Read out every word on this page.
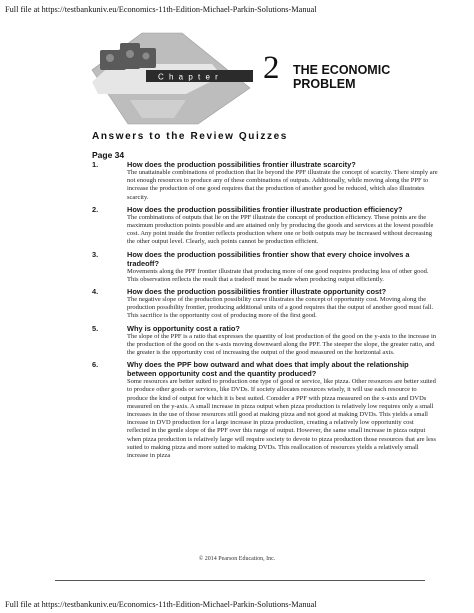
Full file at https://testbankuniv.eu/Economics-11th-Edition-Michael-Parkin-Solutions-Manual
C h a p t e r 2 THE ECONOMIC
PROBLEM
Answers to the Review Quizzes
Page 34
1.	How does the production possibilities frontier illustrate scarcity?
The unattainable combinations of production that lie beyond the PPF illustrate the concept of scarcity. There simply are not enough resources to produce any of these combinations of outputs. Additionally, while moving along the PPF to increase the production of one good requires that the production of another good be reduced, which also illustrates scarcity.
2.	How does the production possibilities frontier illustrate production efficiency?
The combinations of outputs that lie on the PPF illustrate the concept of production efficiency. These points are the maximum production points possible and are attained only by producing the goods and services at the lowest possible cost. Any point inside the frontier reflects production where one or both outputs may be increased without decreasing the other output level. Clearly, such points cannot be production efficient.
3.	How does the production possibilities frontier show that every choice involves a tradeoff?
Movements along the PPF frontier illustrate that producing more of one good requires producing less of other good. This observation reflects the result that a tradeoff must be made when producing output efficiently.
4.	How does the production possibilities frontier illustrate opportunity cost?
The negative slope of the production possibility curve illustrates the concept of opportunity cost. Moving along the production possibility frontier, producing additional units of a good requires that the output of another good must fall. This sacrifice is the opportunity cost of producing more of the first good.
5.	Why is opportunity cost a ratio?
The slope of the PPF is a ratio that expresses the quantity of lost production of the good on the y-axis to the increase in the production of the good on the x-axis moving downward along the PPF. The steeper the slope, the greater ratio, and the greater is the opportunity cost of increasing the output of the good measured on the horizontal axis.
6.	Why does the PPF bow outward and what does that imply about the relationship between opportunity cost and the quantity produced?
Some resources are better suited to production one type of good or service, like pizza. Other resources are better suited to produce other goods or services, like DVDs. If society allocates resources wisely, it will use each resource to produce the kind of output for which it is best suited. Consider a PPF with pizza measured on the x-axis and DVDs measured on the y-axis. A small increase in pizza output when pizza production is relatively low requires only a small increases in the use of those resources still good at making pizza and not good at making DVDs. This yields a small increase in DVD production for a large increase in pizza production, creating a relatively low opportunity cost reflected in the gentle slope of the PPF over this range of output. However, the same small increase in pizza output when pizza production is relatively large will require society to devote to pizza production those resources that are less suited to making pizza and more suited to making DVDs. This reallocation of resources yields a relatively small increase in pizza
© 2014 Pearson Education, Inc.
Full file at https://testbankuniv.eu/Economics-11th-Edition-Michael-Parkin-Solutions-Manual
